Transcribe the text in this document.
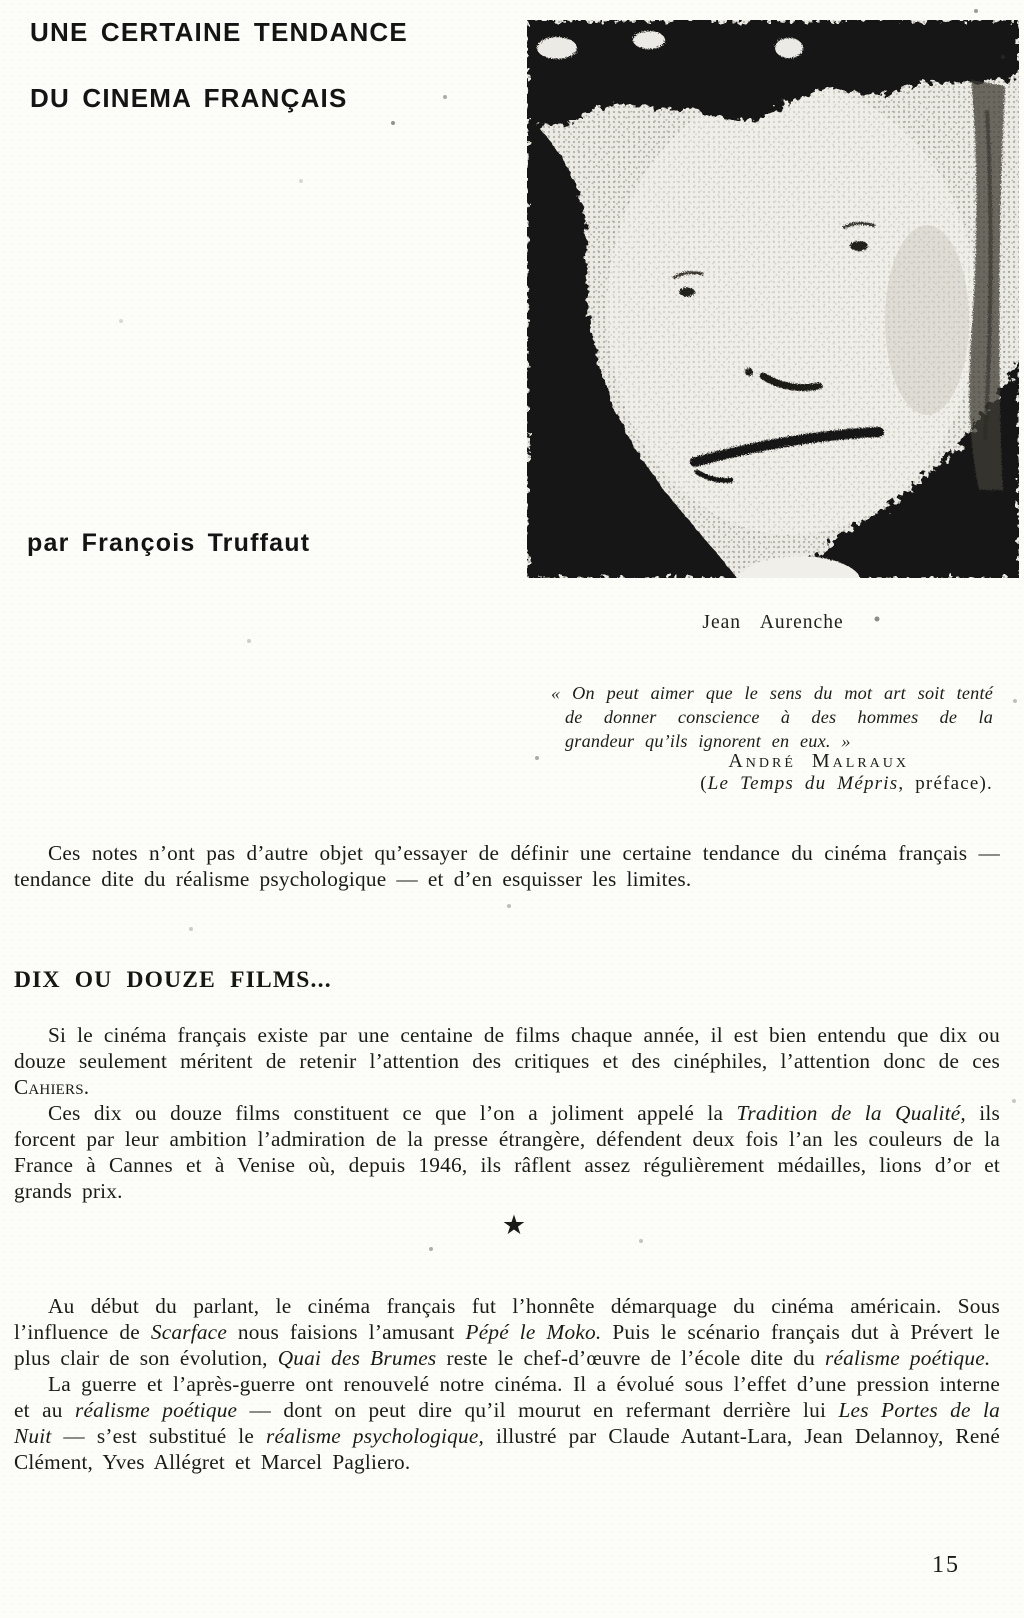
UNE CERTAINE TENDANCE
DU CINEMA FRANÇAIS
par François Truffaut
Jean Aurenche
« On peut aimer que le sens du mot art soit tenté de donner conscience à des hommes de la grandeur qu’ils ignorent en eux. »
André Malraux
(Le Temps du Mépris, préface).

Ces notes n’ont pas d’autre objet qu’essayer de définir une certaine tendance du cinéma français — tendance dite du réalisme psychologique — et d’en esquisser les limites.

DIX OU DOUZE FILMS...

Si le cinéma français existe par une centaine de films chaque année, il est bien entendu que dix ou douze seulement méritent de retenir l’attention des critiques et des cinéphiles, l’attention donc de ces Cahiers.

Ces dix ou douze films constituent ce que l’on a joliment appelé la Tradition de la Qualité, ils forcent par leur ambition l’admiration de la presse étrangère, défendent deux fois l’an les couleurs de la France à Cannes et à Venise où, depuis 1946, ils râflent assez régulièrement médailles, lions d’or et grands prix.

★

Au début du parlant, le cinéma français fut l’honnête démarquage du cinéma américain. Sous l’influence de Scarface nous faisions l’amusant Pépé le Moko. Puis le scénario français dut à Prévert le plus clair de son évolution, Quai des Brumes reste le chef-d’œuvre de l’école dite du réalisme poétique.

La guerre et l’après-guerre ont renouvelé notre cinéma. Il a évolué sous l’effet d’une pression interne et au réalisme poétique — dont on peut dire qu’il mourut en refermant derrière lui Les Portes de la Nuit — s’est substitué le réalisme psychologique, illustré par Claude Autant-Lara, Jean Delannoy, René Clément, Yves Allégret et Marcel Pagliero.

15
